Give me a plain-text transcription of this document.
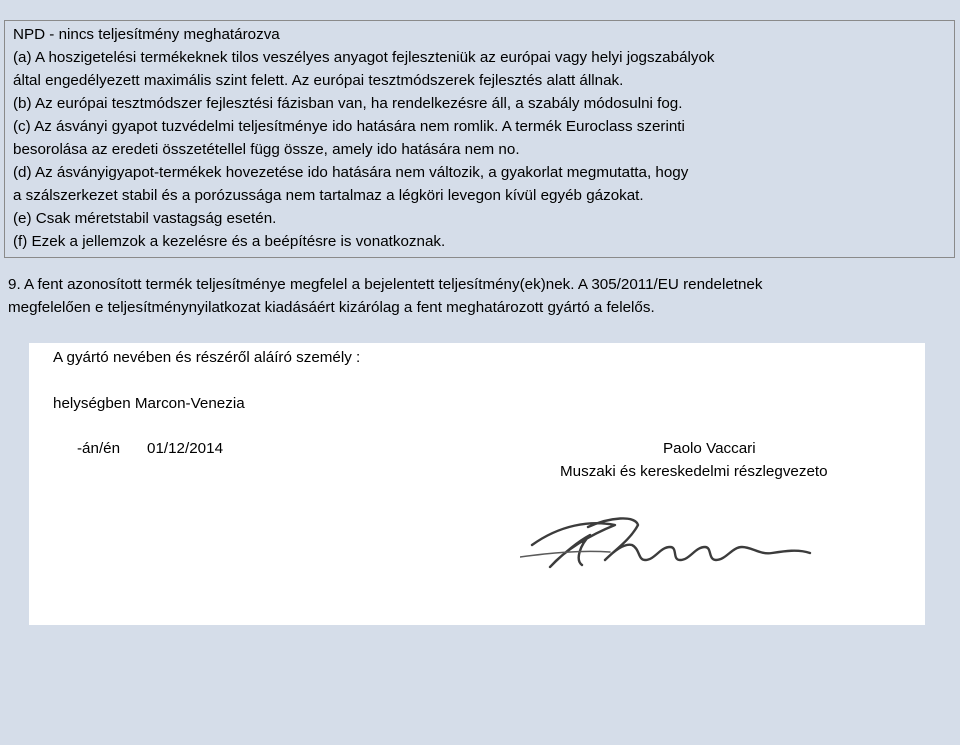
NPD - nincs teljesítmény meghatározva
(a) A hoszigetelési termékeknek tilos veszélyes anyagot fejleszteniük az európai vagy helyi jogszabályok
által engedélyezett maximális szint felett. Az európai tesztmódszerek fejlesztés alatt állnak.
(b) Az európai tesztmódszer fejlesztési fázisban van, ha rendelkezésre áll, a szabály módosulni fog.
(c) Az ásványi gyapot tuzvédelmi teljesítménye ido hatására nem romlik. A termék Euroclass szerinti
besorolása az eredeti összetétellel függ össze, amely ido hatására nem no.
(d) Az ásványigyapot-termékek hovezetése ido hatására nem változik, a gyakorlat megmutatta, hogy
a szálszerkezet stabil és a porózussága nem tartalmaz a légköri levegon kívül egyéb gázokat.
(e) Csak méretstabil vastagság esetén.
(f) Ezek a jellemzok a kezelésre és a beépítésre is vonatkoznak.
9. A fent azonosított termék teljesítménye megfelel a bejelentett teljesítmény(ek)nek. A 305/2011/EU rendeletnek
megfelelően e teljesítménynyilatkozat kiadásáért kizárólag a fent meghatározott gyártó a felelős.
A gyártó nevében és részéről aláíró személy :
helységben Marcon-Venezia
-án/én 01/12/2014	Paolo Vaccari
Muszaki és kereskedelmi részlegvezeto
